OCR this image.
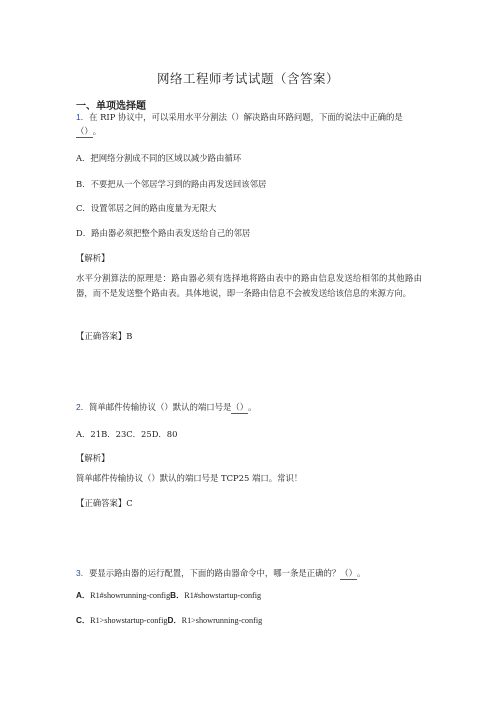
网络工程师考试试题（含答案）
一、单项选择题
1．在 RIP 协议中，可以采用水平分割法（）解决路由环路问题，下面的说法中正确的是
（）。
A．把网络分割成不同的区域以减少路由循环
B．不要把从一个邻居学习到的路由再发送回该邻居
C．设置邻居之间的路由度量为无限大
D．路由器必须把整个路由表发送给自己的邻居
【解析】
水平分割算法的原理是：路由器必须有选择地将路由表中的路由信息发送给相邻的其他路由器，而不是发送整个路由表。具体地说，即一条路由信息不会被发送给该信息的来源方向。
【正确答案】B
2．简单邮件传输协议（）默认的端口号是（）。
A．21B．23C．25D．80
【解析】
简单邮件传输协议（）默认的端口号是 TCP25 端口。常识！
【正确答案】C
3．要显示路由器的运行配置，下面的路由器命令中，哪一条是正确的？（）。
A．R1#showrunning-configB．R1#showstartup-config
C．R1>showstartup-configD．R1>showrunning-config
